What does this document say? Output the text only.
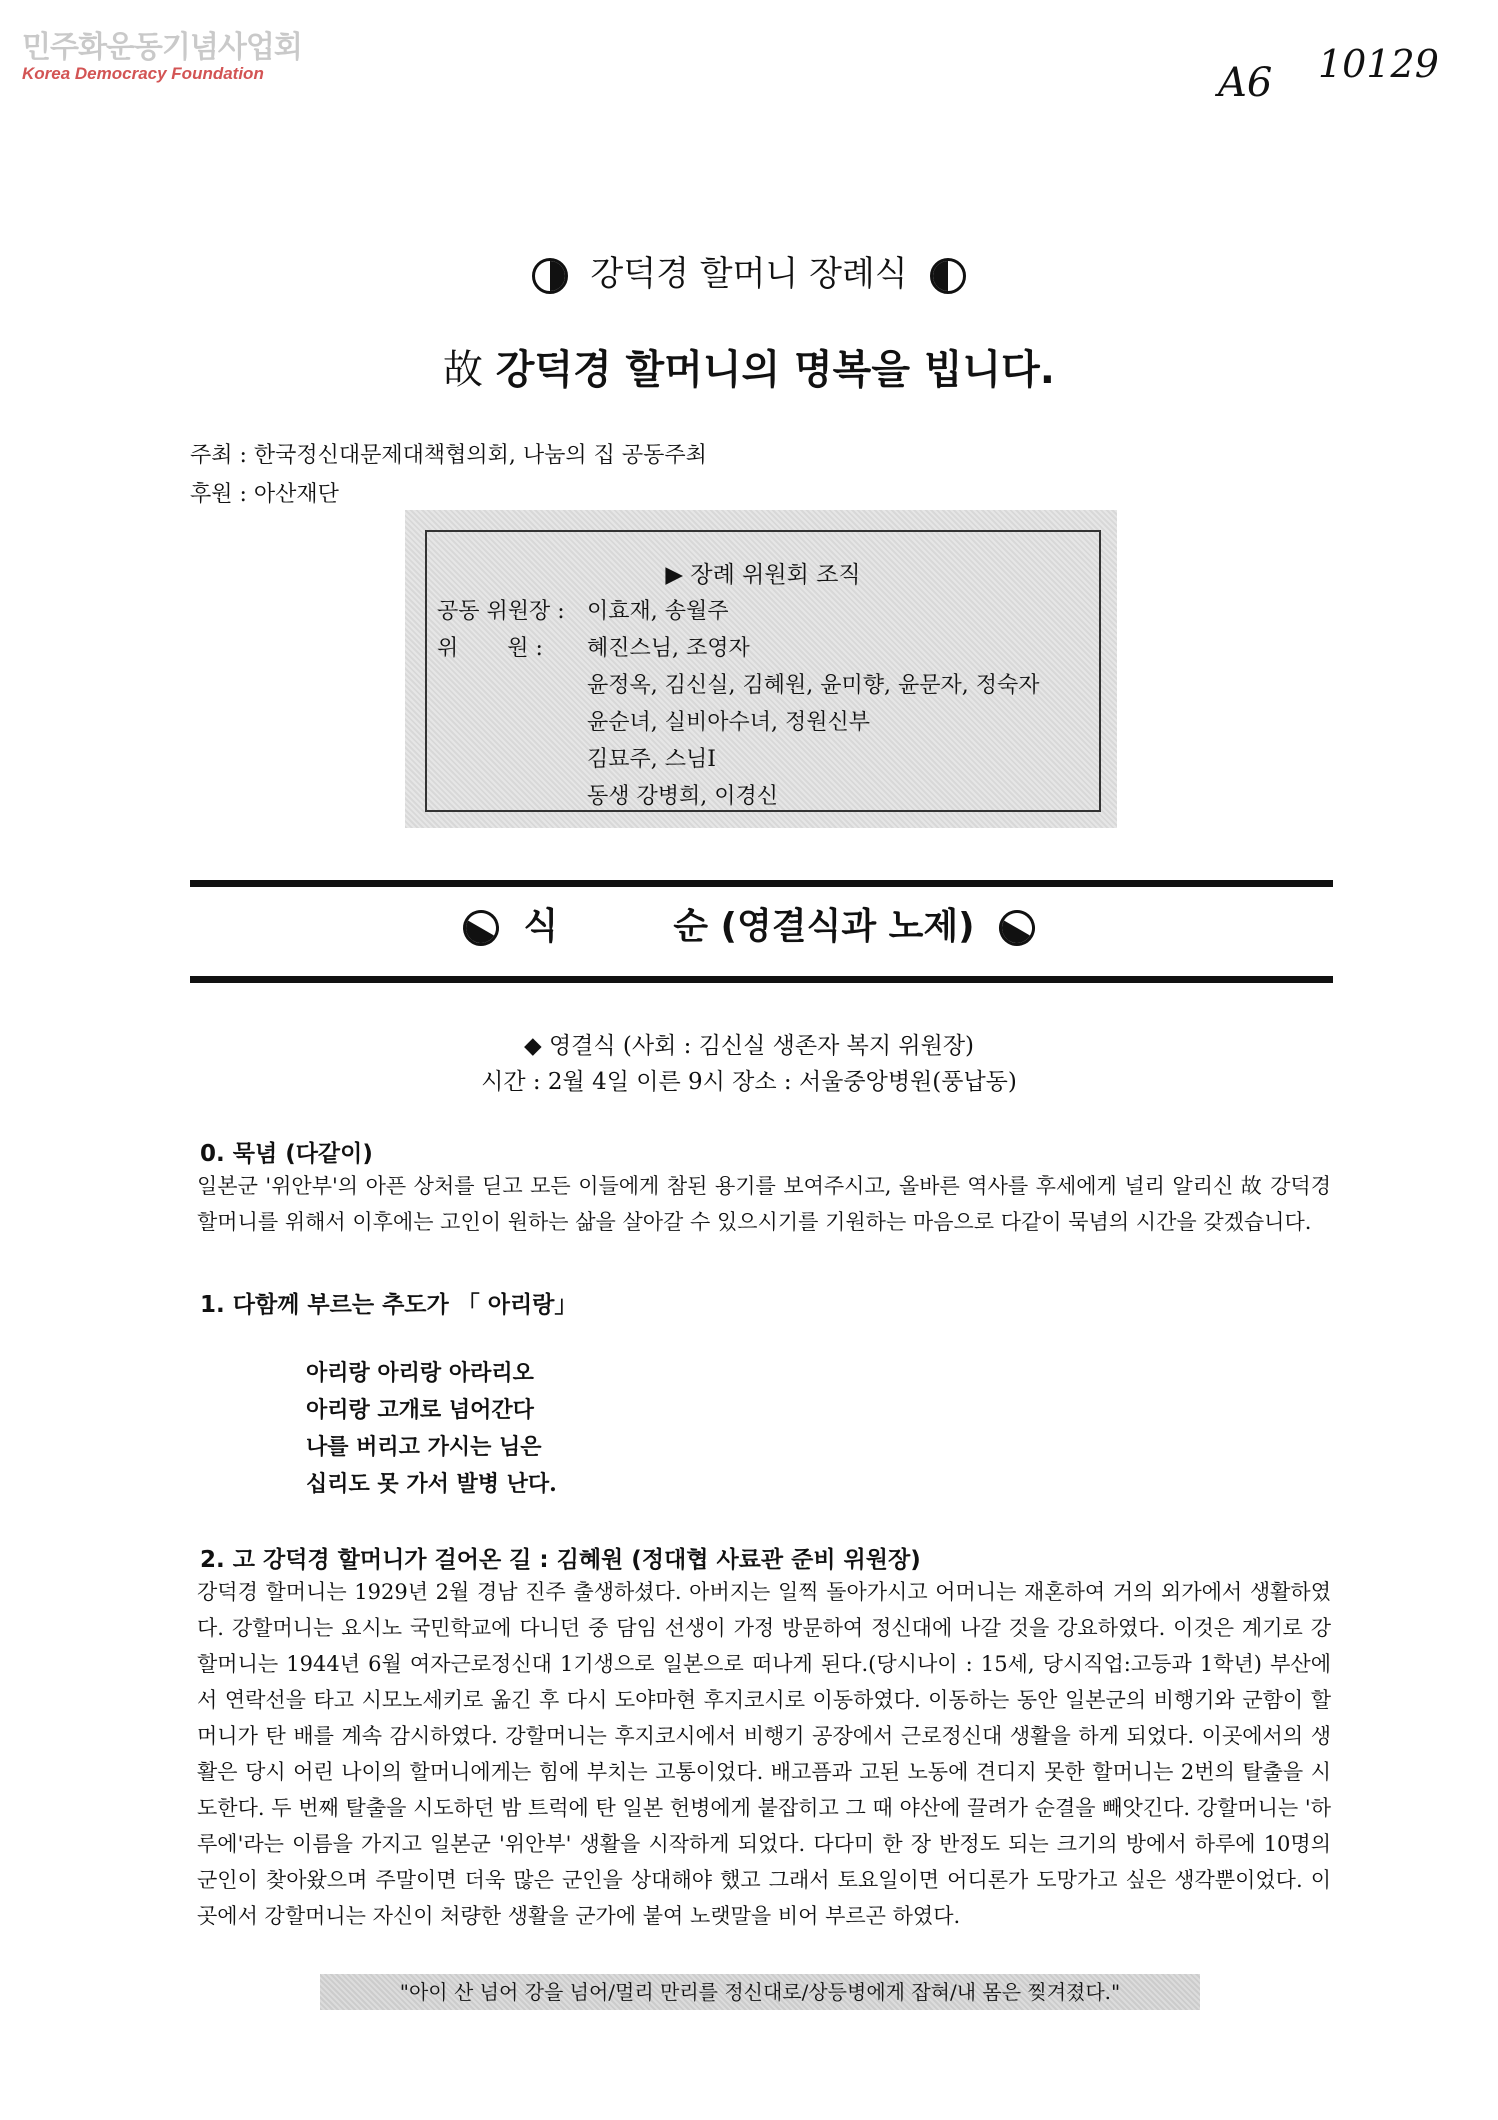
민주화운동기념사업회
Korea Democracy Foundation	A6 10129
강덕경 할머니 장례식
故 강덕경 할머니의 명복을 빕니다.
주최 : 한국정신대문제대책협의회, 나눔의 집 공동주최
후원 : 아산재단
▶ 장례 위원회 조직
공동 위원장 : 이효재, 송월주
위       원 : 혜진스님, 조영자
윤정옥, 김신실, 김혜원, 윤미향, 윤문자, 정숙자
윤순녀, 실비아수녀, 정원신부
김묘주, 스님I
동생 강병희, 이경신
식	순 (영결식과 노제)
◆ 영결식 (사회 : 김신실 생존자 복지 위원장)
시간 : 2월 4일 이른 9시 장소 : 서울중앙병원(풍납동)
0. 묵념 (다같이)

일본군 '위안부'의 아픈 상처를 딛고 모든 이들에게 참된 용기를 보여주시고, 올바른 역사를 후세에게 널리 알리신 故 강덕경 할머니를 위해서 이후에는 고인이 원하는 삶을 살아갈 수 있으시기를 기원하는 마음으로 다같이 묵념의 시간을 갖겠습니다.

1. 다함께 부르는 추도가 「 아리랑」
아리랑 아리랑 아라리오
아리랑 고개로 넘어간다
나를 버리고 가시는 님은
십리도 못 가서 발병 난다.
2. 고 강덕경 할머니가 걸어온 길 : 김혜원 (정대협 사료관 준비 위원장)

강덕경 할머니는 1929년 2월 경남 진주 출생하셨다. 아버지는 일찍 돌아가시고 어머니는 재혼하여 거의 외가에서 생활하였다. 강할머니는 요시노 국민학교에 다니던 중 담임 선생이 가정 방문하여 정신대에 나갈 것을 강요하였다. 이것은 계기로 강할머니는 1944년 6월 여자근로정신대 1기생으로 일본으로 떠나게 된다.(당시나이 : 15세, 당시직업:고등과 1학년) 부산에서 연락선을 타고 시모노세키로 옮긴 후 다시 도야마현 후지코시로 이동하였다. 이동하는 동안 일본군의 비행기와 군함이 할머니가 탄 배를 계속 감시하였다. 강할머니는 후지코시에서 비행기 공장에서 근로정신대 생활을 하게 되었다. 이곳에서의 생활은 당시 어린 나이의 할머니에게는 힘에 부치는 고통이었다. 배고픔과 고된 노동에 견디지 못한 할머니는 2번의 탈출을 시도한다. 두 번째 탈출을 시도하던 밤 트럭에 탄 일본 헌병에게 붙잡히고 그 때 야산에 끌려가 순결을 빼앗긴다. 강할머니는 '하루에'라는 이름을 가지고 일본군 '위안부' 생활을 시작하게 되었다. 다다미 한 장 반정도 되는 크기의 방에서 하루에 10명의 군인이 찾아왔으며 주말이면 더욱 많은 군인을 상대해야 했고 그래서 토요일이면 어디론가 도망가고 싶은 생각뿐이었다. 이곳에서 강할머니는 자신이 처량한 생활을 군가에 붙여 노랫말을 비어 부르곤 하였다.

"아이 산 넘어 강을 넘어/멀리 만리를 정신대로/상등병에게 잡혀/내 몸은 찢겨졌다."
